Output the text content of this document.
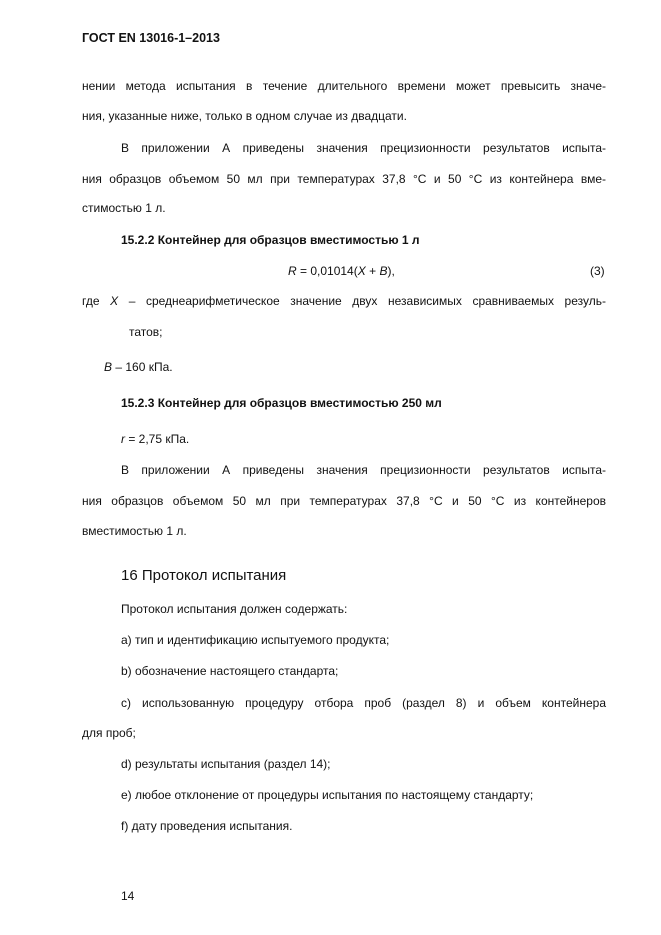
ГОСТ EN 13016-1–2013
нении метода испытания в течение длительного времени может превысить значе-
ния, указанные ниже, только в одном случае из двадцати.
В приложении А приведены значения прецизионности результатов испыта-
ния образцов объемом 50 мл при температурах 37,8 °С и 50 °С из контейнера вме-
стимостью 1 л.
15.2.2 Контейнер для образцов вместимостью 1 л
R = 0,01014(X + B),	(3)
где X – среднеарифметическое значение двух независимых сравниваемых резуль-
татов;
B – 160 кПа.
15.2.3 Контейнер для образцов вместимостью 250 мл
r = 2,75 кПа.
В приложении А приведены значения прецизионности результатов испыта-
ния образцов объемом 50 мл при температурах 37,8 °С и 50 °С из контейнеров
вместимостью 1 л.
16 Протокол испытания
Протокол испытания должен содержать:
a) тип и идентификацию испытуемого продукта;
b) обозначение настоящего стандарта;
c) использованную процедуру отбора проб (раздел 8) и объем контейнера
для проб;
d) результаты испытания (раздел 14);
e) любое отклонение от процедуры испытания по настоящему стандарту;
f) дату проведения испытания.
14
